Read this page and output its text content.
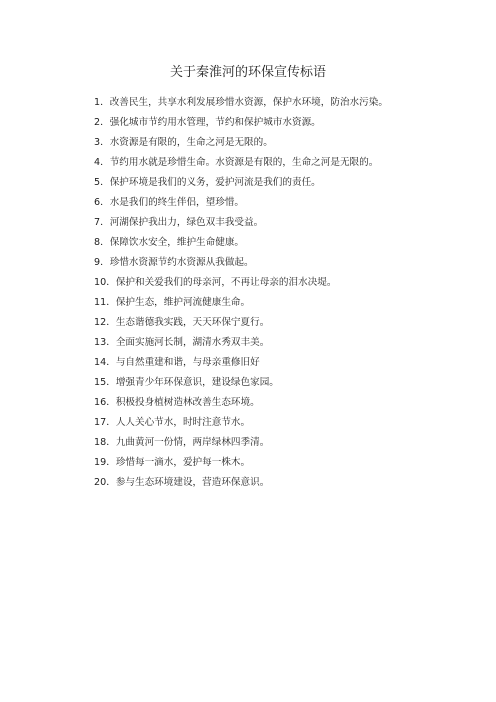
关于秦淮河的环保宣传标语
1．改善民生，共享水利发展珍惜水资源，保护水环境，防治水污染。
2．强化城市节约用水管理，节约和保护城市水资源。
3．水资源是有限的，生命之河是无限的。
4．节约用水就是珍惜生命。水资源是有限的，生命之河是无限的。
5．保护环境是我们的义务，爱护河流是我们的责任。
6．水是我们的终生伴侣，望珍惜。
7．河湖保护我出力，绿色双丰我受益。
8．保障饮水安全，维护生命健康。
9．珍惜水资源节约水资源从我做起。
10．保护和关爱我们的母亲河，不再让母亲的泪水决堤。
11．保护生态，维护河流健康生命。
12．生态谐德我实践，天天环保宁夏行。
13．全面实施河长制，湖清水秀双丰美。
14．与自然重建和谐，与母亲重修旧好
15．增强青少年环保意识，建设绿色家园。
16．积极投身植树造林改善生态环境。
17．人人关心节水，时时注意节水。
18．九曲黄河一份情，两岸绿林四季清。
19．珍惜每一滴水，爱护每一株木。
20．参与生态环境建设，营造环保意识。
